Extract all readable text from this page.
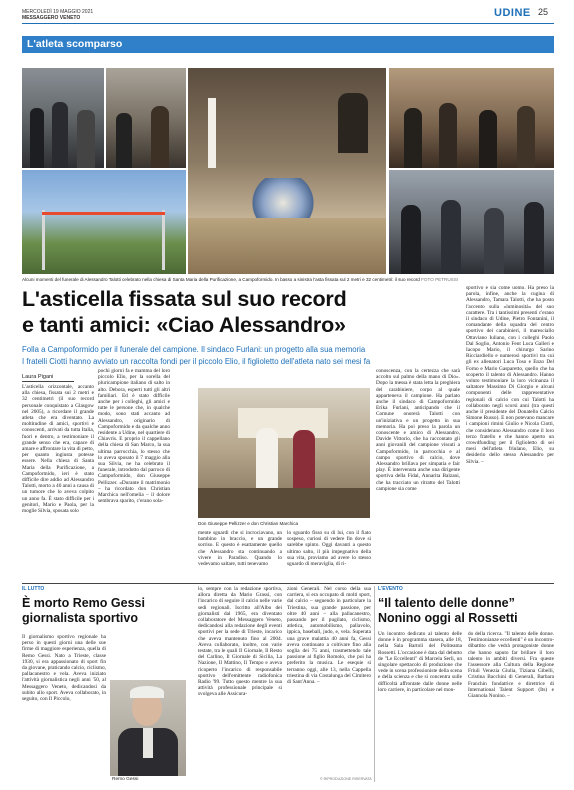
MERCOLEDÌ 19 MAGGIO 2021
MESSAGGERO VENETO	UDINE 25
L'atleta scomparso
Alcuni momenti del funerale di Alessandro Talotti celebrato nella chiesa di Santa Maria della Purificazione, a Campoformido. In basso a sinistra l'asta fissata sul 2 metri e 32 centimetri: il suo record FOTO PETRUSSI
L'asticella fissata sul suo record
e tanti amici: «Ciao Alessandro»
Folla a Campoformido per il funerale del campione. Il sindaco Furlani: un progetto alla sua memoria
I fratelli Ciotti hanno avviato un raccolta fondi per il piccolo Elio, il figlioletto dell'atleta nato sei mesi fa
Laura Pigani
L'asticella orizzontale, accanto alla chiesa, fissata sui 2 metri e 32 centimetri (il suo record personale conquistato a Glasgow nel 2005), a ricordare il grande atleta che era diventato. La moltitudine di amici, sportivi e conoscenti, arrivati da tutta Italia, fuori e dentro, a testimoniare il grande senso che era, capace di amare e affrontare la vita di petto, per quanto ingiusta potesse essere. Nella chiesa di Santa Maria della Purificazione, a Campoformido, ieri è stato difficile dire addio ad Alessandro Talotti, morto a 40 anni a causa di un tumore che lo aveva colpito un anno fa. È stato difficile per i genitori, Mario e Paola, per la moglie Silvia, sposata solo
pochi giorni fa e mamma del loro piccolo Elio, per la sorella del pluricampione italiano di salto in alto. Debora, esperti tutti gli altri familiari. Ed è stato difficile anche per i colleghi, gli amici e tutte le persone che, in qualche modo, sono stati accanto ad Alessandro, originario di Campoformido e da qualche anno residente a Udine, nel quartiere di Chiavris. E proprio il cappellano della chiesa di San Marco, la sua ultima parrocchia, lo stesso che lo aveva sposato il 7 maggio alla sua Silvia, ne ha celebrato il funerale, introdotto dal parroco di Campoformido, don Giuseppe Pellizzer. «Durante il matrimonio – ha ricordato don Christian Marchica nell'omelia – il dolore sembrava sparito, c'erano sola-
Don Giuseppe Pellizzer e don Christian Marchica
mente sguardi che si incrociavano, un bambino in braccio, e un grande sorriso. E questo è esattamente quello che Alessandro sta continuando a vivere in Paradiso. Quando lo vedevamo saltare, tutti tenevamo
lo sguardo fisso su di lui, con il fiato sospeso, curiosi di vedere fin dove si sarebbe spinto. Oggi davanti a questo ultimo salto, il più impegnativo della sua vita, proviamo ad avere lo stesso sguardo di meraviglia, di ri-
conoscenza, con la certezza che sarà accolto sul palmo della mano di Dio». Dopo la messa è stata letta la preghiera del carabiniere, corpo al quale apparteneva il campione. Ha parlato anche il sindaco di Campoformido Erika Furlani, anticipando che il Comune onorerà Talotti con un'iniziativa e un progetto in sua memoria. Ha poi preso la parola un conoscente e amico di Alessandro, Davide Vittorio, che ha raccontato gli anni giovanili del campione vissuti a Campoformido, in parrocchia e al campo sportivo di calcio, dove Alessandro brillava per simpatia e fair play. È intervenuta anche una dirigente sportiva della Fidal, Annarita Balzani, che ha tracciato un ritratto del Talotti campione sia come
sportivo e sia come uomo. Ha preso la parola, infine, anche la cugina di Alessandro, Tamara Talotti, che ha posto l'accento sulla «luminosità» del suo carattere. Tra i tantissimi presenti c'erano il sindaco di Udine, Pietro Fontanini, il comandante della squadra del centro sportivo dei carabinieri, il maresciallo Ottaviano Iuliano, con i colleghi Paolo Dal Soglio, Antonio Fent Luca Galleri e Iacopo Mario, il chirurgo Sarino Ricciardiello e numerosi sportivi tra cui gli ex allenatori Luca Toso e Enzo Del Forno e Mario Gasparetto, quello che ha scoperto il talento di Alessandro. Hanno voluto testimoniare la loro vicinanza il saltatore Massimo Di Giorgio e alcuni componenti delle rappresentative regionali di calcio con cui Talotti ha collaborato negli scorsi anni (tra questi anche il presidente del Donatello Calcio Simone Russo). E non potevano mancare i campioni rimini Giulio e Nicola Ciotti, che considerano Alessandro come il loro terzo fratello e che hanno aperto un crowdfunding per il figlioletto di sei mesi dell'atleta friulano, Elio, su desiderio dello stesso Alessandro per Silvia. –
IL LUTTO
È morto Remo Gessi
giornalista sportivo
Il giornalismo sportivo regionale ha perso in questi giorni una delle sue firme di maggiore esperienza, quella di Remo Gessi. Nato a Trieste, classe 1930, si era appassionato di sport fin da giovane, praticando calcio, ciclismo, pallacanestro e vela. Aveva iniziato l'attività giornalistica negli anni '50, al Messaggero Veneto, dedicandosi da subito allo sport. Aveva collaborato, in seguito, con Il Piccolo,
Remo Gessi
lo, sempre con la redazione sportiva, allora diretta da Mario Grassi, con l'incarico di seguire il calcio nelle varie sedi regionali. Iscritto all'Albo dei giornalisti dal 1965, era diventato collaboratore del Messaggero Veneto, dedicandosi alla redazione degli eventi sportivi per la sede di Trieste, incarico che aveva mantenuto fino al 2004. Aveva collaborato, inoltre, con varie testate, tra le quali Il Giornale, Il Resto del Carlino, Il Giornale di Sicilia, La Nazione, Il Mattino, Il Tempo e aveva ricoperto l'incarico di responsabile sportivo dell'emittente radiofonica Radio '99. Tutto questo mentre la sua attività professionale principale si svolgeva alle Assicura-
zioni Generali. Nel corso della sua carriera, si era occupato di molti sport, dal calcio – seguendo in particolare la Triestina, sua grande passione, per oltre 40 anni – alla pallacanestro, passando per il pugilato, ciclismo, atletica, automobilismo, pallavolo, ippica, baseball, judo, e, vela. Superata una grave malattia 40 anni fa, Gessi aveva continuato a coltivare fino alla soglia dei 75 anni, trasmettendo tale passione al figlio Romolo, che poi ha preferito la musica. Le esequie si terranno oggi, alle 13, nella Cappella triestina di via Costalunga del Cimitero di Sant'Anna. –
© RIPRODUZIONE RISERVATA
L'EVENTO
“Il talento delle donne”
Nonino oggi al Rossetti
Un incontro dedicato al talento delle donne è in programma stasera, alle 18, nella Sala Bartoli del Politeama Rossetti. L'occasione è data dal debutto de "Le Eccellenti" di Marcela Serli, un singolare spettacolo di produzione che vede in scena professioniste della scena e della scienza e che si concentra sulle difficoltà affrontate dalle donne nelle loro carriere, in particolare nel mon-
do della ricerca. "Il talento delle donne. Testimonianze eccellenti" è un incontro-dibattito che vedrà protagoniste donne che hanno saputo far brillare il loro talento in ambiti diversi. Fra queste l'assessore alla Cultura della Regione Friuli Venezia Giulia, Tiziana Gibelli, Cristina Bacchini di Generali, Barbara Franchin fondatrice e direttrice di International Talent Support (Its) e Giannola Nonino. –
